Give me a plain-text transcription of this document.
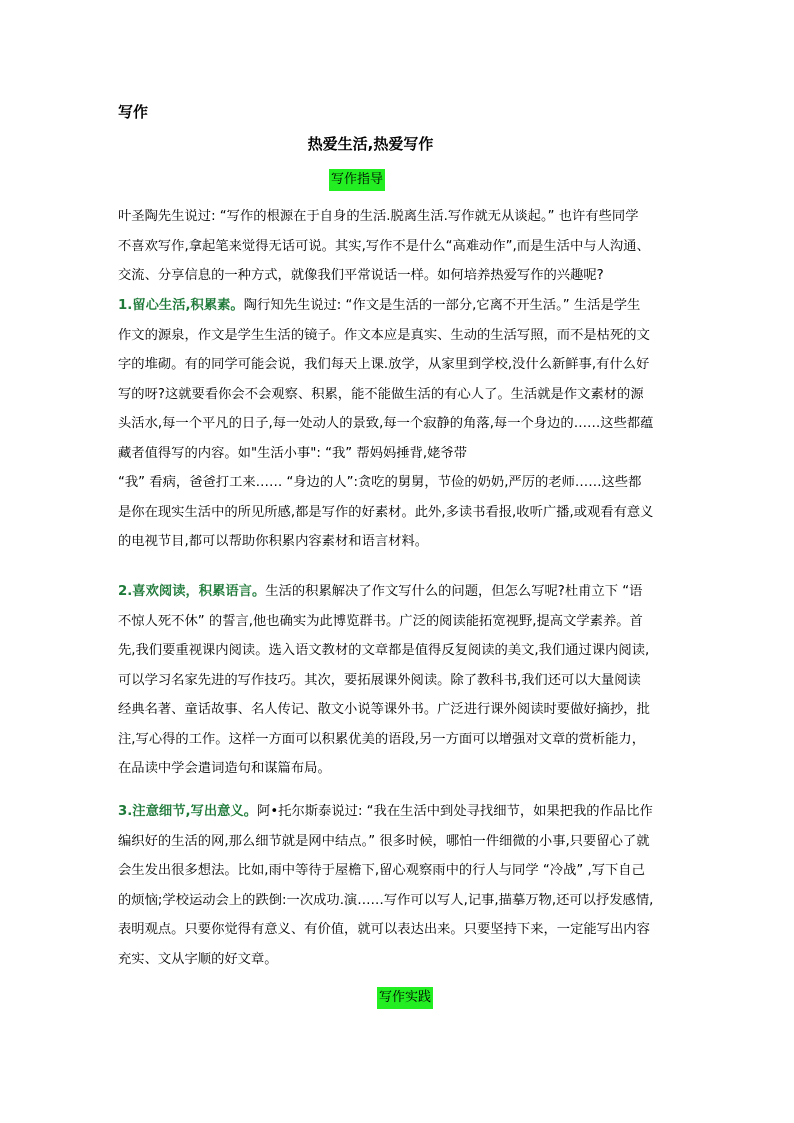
写作
热爱生活,热爱写作
写作指导
叶圣陶先生说过: “写作的根源在于自身的生活.脱离生活.写作就无从谈起。” 也许有些同学
不喜欢写作,拿起笔来觉得无话可说。其实,写作不是什么“高难动作”,而是生活中与人沟通、
交流、分享信息的一种方式，就像我们平常说话一样。如何培养热爱写作的兴趣呢?
1.留心生活,积累素。陶行知先生说过: “作文是生活的一部分,它离不开生活。” 生活是学生
作文的源泉，作文是学生生活的镜子。作文本应是真实、生动的生活写照，而不是枯死的文
字的堆砌。有的同学可能会说，我们每天上课.放学，从家里到学校,没什么新鲜事,有什么好
写的呀?这就要看你会不会观察、积累，能不能做生活的有心人了。生活就是作文素材的源
头活水,每一个平凡的日子,每一处动人的景致,每一个寂静的角落,每一个身边的……这些都蕴
藏者值得写的内容。如"生活小事": “我” 帮妈妈捶背,姥爷带
“我” 看病，爸爸打工来…… “身边的人”:贪吃的舅舅，节俭的奶奶,严厉的老师……这些都
是你在现实生活中的所见所感,都是写作的好素材。此外,多读书看报,收听广播,或观看有意义
的电视节目,都可以帮助你积累内容素材和语言材料。
2.喜欢阅读，积累语言。生活的积累解决了作文写什么的问题，但怎么写呢?杜甫立下 “语
不惊人死不休” 的誓言,他也确实为此博览群书。广泛的阅读能拓宽视野,提高文学素养。首
先,我们要重视课内阅读。选入语文教材的文章都是值得反复阅读的美文,我们通过课内阅读,
可以学习名家先进的写作技巧。其次，要拓展课外阅读。除了教科书,我们还可以大量阅读
经典名著、童话故事、名人传记、散文小说等课外书。广泛进行课外阅读时要做好摘抄，批
注,写心得的工作。这样一方面可以积累优美的语段,另一方面可以增强对文章的赏析能力，
在品读中学会遣词造句和谋篇布局。
3.注意细节,写出意义。阿•托尔斯泰说过: “我在生活中到处寻找细节，如果把我的作品比作
编织好的生活的网,那么细节就是网中结点。” 很多时候，哪怕一件细微的小事,只要留心了就
会生发出很多想法。比如,雨中等待于屋檐下,留心观察雨中的行人与同学 “冷战” ,写下自己
的烦恼;学校运动会上的跌倒:一次成功.演……写作可以写人,记事,描摹万物,还可以抒发感情,
表明观点。只要你觉得有意义、有价值，就可以表达出来。只要坚持下来，一定能写出内容
充实、文从字顺的好文章。
写作实践
